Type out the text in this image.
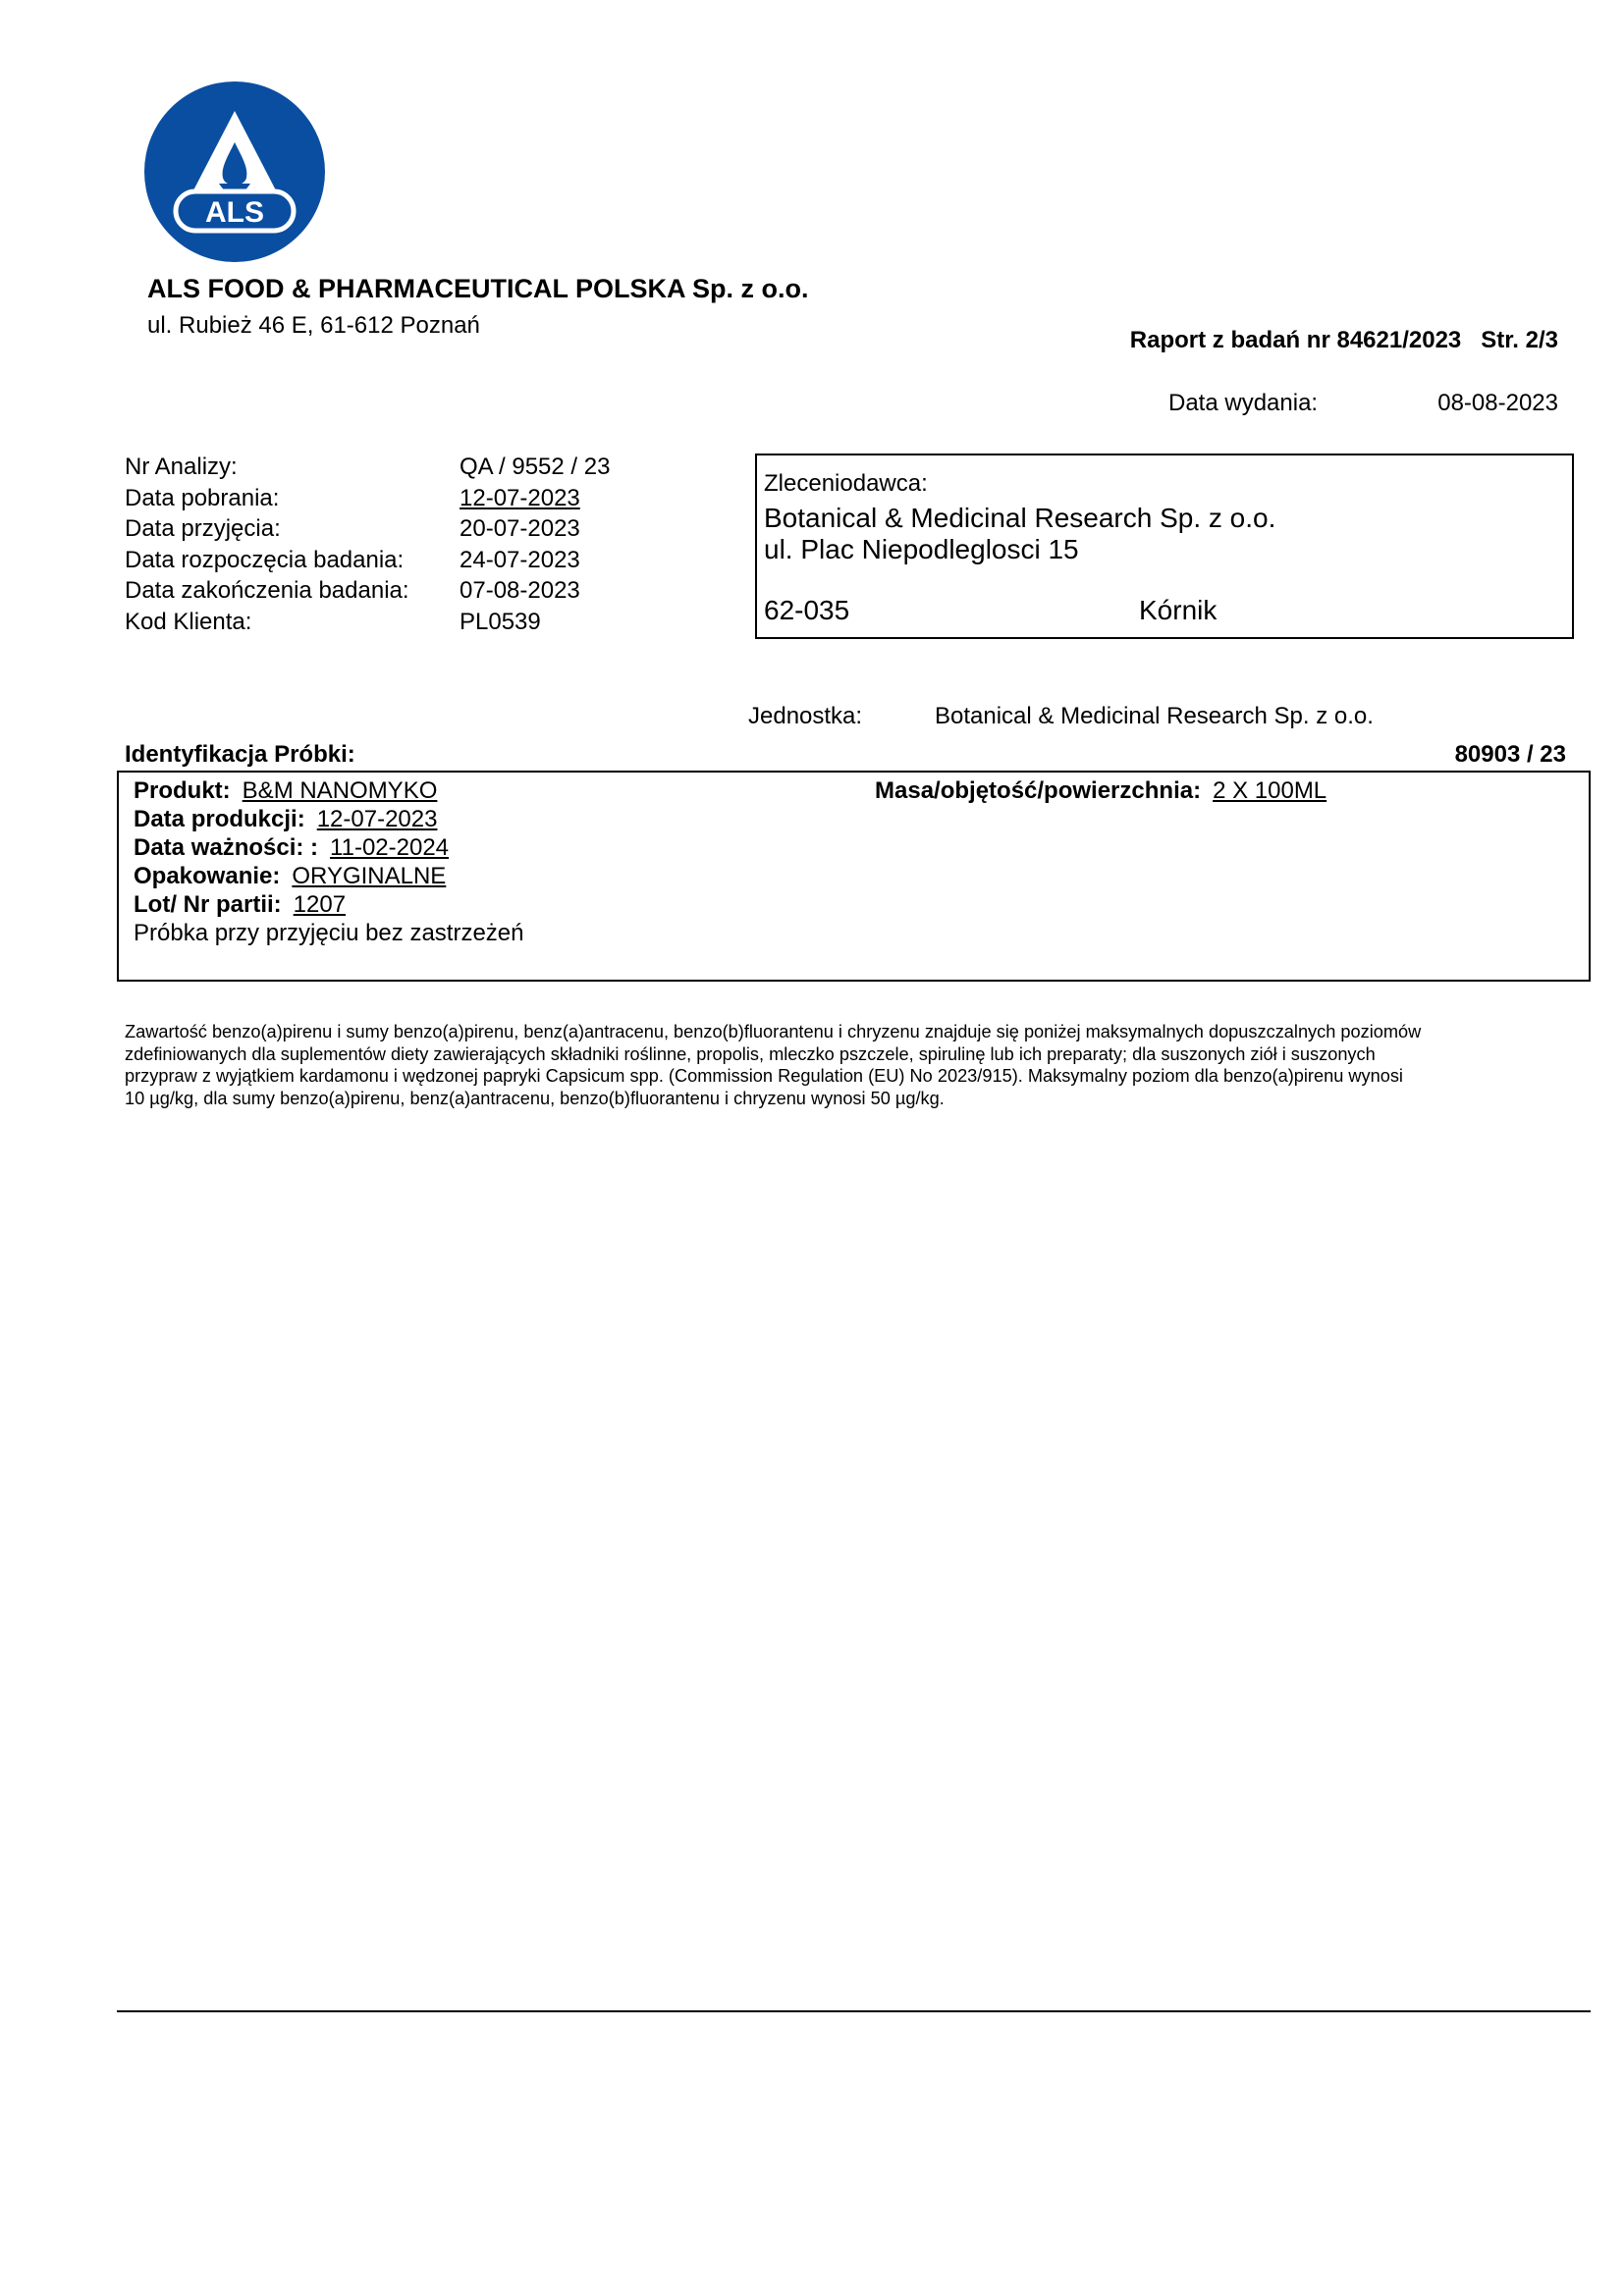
ALS
ALS FOOD & PHARMACEUTICAL POLSKA Sp. z o.o.
ul. Rubież 46 E, 61-612 Poznań
Raport z badań nr 84621/2023   Str. 2/3
Data wydania:	08-08-2023
Nr Analizy:	QA / 9552 / 23
Data pobrania:	12-07-2023
Data przyjęcia:	20-07-2023
Data rozpoczęcia badania:	24-07-2023
Data zakończenia badania:	07-08-2023
Kod Klienta:	PL0539
Zleceniodawca:
Botanical & Medicinal Research Sp. z o.o.
ul. Plac Niepodleglosci 15
62-035	Kórnik
Jednostka:	Botanical & Medicinal Research Sp. z o.o.
Identyfikacja Próbki:	80903 / 23
Produkt: B&M NANOMYKO
Data produkcji: 12-07-2023
Data ważności: : 11-02-2024
Opakowanie: ORYGINALNE
Lot/ Nr partii: 1207
Próbka przy przyjęciu bez zastrzeżeń
Masa/objętość/powierzchnia: 2 X 100ML

Zawartość benzo(a)pirenu i sumy benzo(a)pirenu, benz(a)antracenu, benzo(b)fluorantenu i chryzenu znajduje się poniżej maksymalnych dopuszczalnych poziomów

zdefiniowanych dla suplementów diety zawierających składniki roślinne, propolis, mleczko pszczele, spirulinę lub ich preparaty; dla suszonych ziół i suszonych

przypraw z wyjątkiem kardamonu i wędzonej papryki Capsicum spp. (Commission Regulation (EU) No 2023/915). Maksymalny poziom dla benzo(a)pirenu wynosi

10 µg/kg, dla sumy benzo(a)pirenu, benz(a)antracenu, benzo(b)fluorantenu i chryzenu wynosi 50 µg/kg.
